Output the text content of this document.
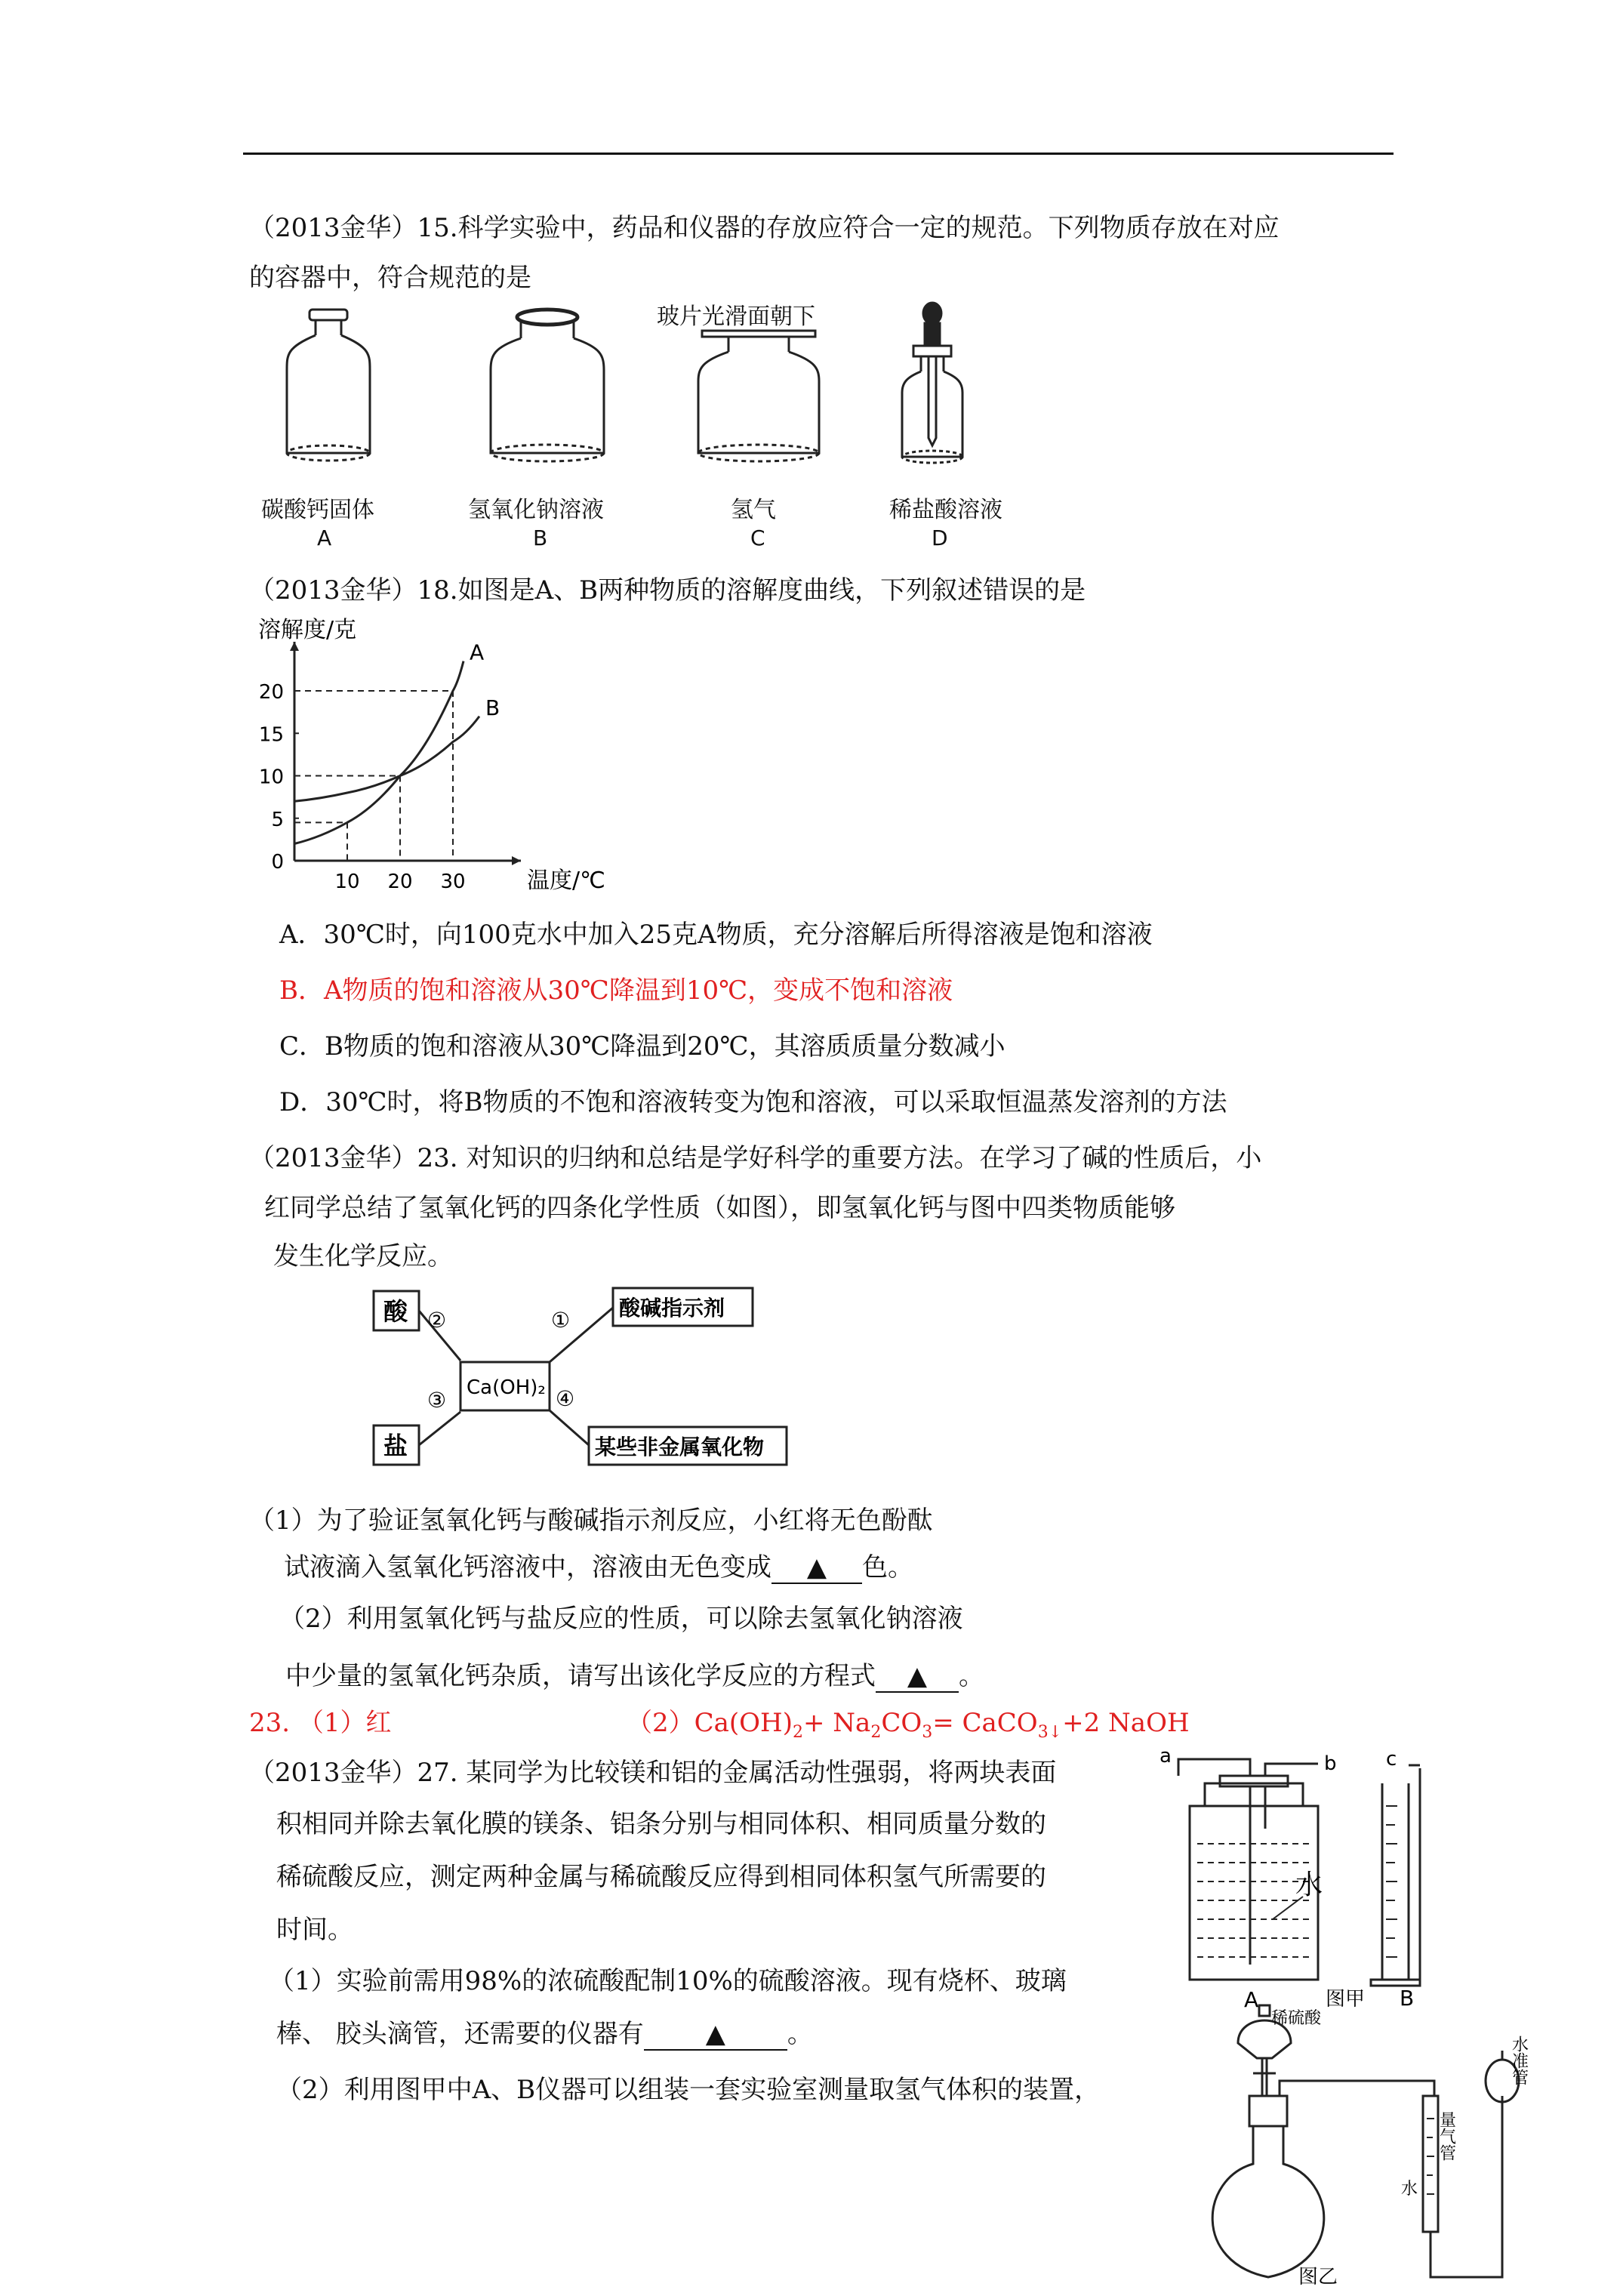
（2013金华）15.科学实验中，药品和仪器的存放应符合一定的规范。下列物质存放在对应
的容器中，符合规范的是
玻片光滑面朝下
碳酸钙固体	氢氧化钠溶液	氢气	稀盐酸溶液
A	B	C	D
（2013金华）18.如图是A、B两种物质的溶解度曲线，下列叙述错误的是
0
5
10
15
20
10 20 30
溶解度/克
温度/℃
A
B
A．30℃时，向100克水中加入25克A物质，充分溶解后所得溶液是饱和溶液
B．A物质的饱和溶液从30℃降温到10℃，变成不饱和溶液
C．B物质的饱和溶液从30℃降温到20℃，其溶质质量分数减小
D．30℃时，将B物质的不饱和溶液转变为饱和溶液，可以采取恒温蒸发溶剂的方法
（2013金华）23. 对知识的归纳和总结是学好科学的重要方法。在学习了碱的性质后，小
红同学总结了氢氧化钙的四条化学性质（如图），即氢氧化钙与图中四类物质能够
发生化学反应。
酸
盐
酸碱指示剂
某些非金属氧化物
Ca(OH)₂
②
③
①
④
（1）为了验证氢氧化钙与酸碱指示剂反应，小红将无色酚酞
试液滴入氢氧化钙溶液中，溶液由无色变成 ▲ 色。
（2）利用氢氧化钙与盐反应的性质，可以除去氢氧化钠溶液
中少量的氢氧化钙杂质，请写出该化学反应的方程式 ▲ 。
23. （1）红	$(2)Ca(OH)_2+ Na_2CO_3=$ CaCO$_{3↓}$+2 NaOH
（2013金华）27. 某同学为比较镁和铝的金属活动性强弱，将两块表面
积相同并除去氧化膜的镁条、铝条分别与相同体积、相同质量分数的
稀硫酸反应，测定两种金属与稀硫酸反应得到相同体积氢气所需要的
时间。
（1）实验前需用98%的浓硫酸配制10%的硫酸溶液。现有烧杯、玻璃
棒、 胶头滴管，还需要的仪器有 ▲ 。
（2）利用图甲中A、B仪器可以组装一套实验室测量取氢气体积的装置，
a	b	c
水
A	图甲 B
稀硫酸
水
图乙
量气管
水准管
